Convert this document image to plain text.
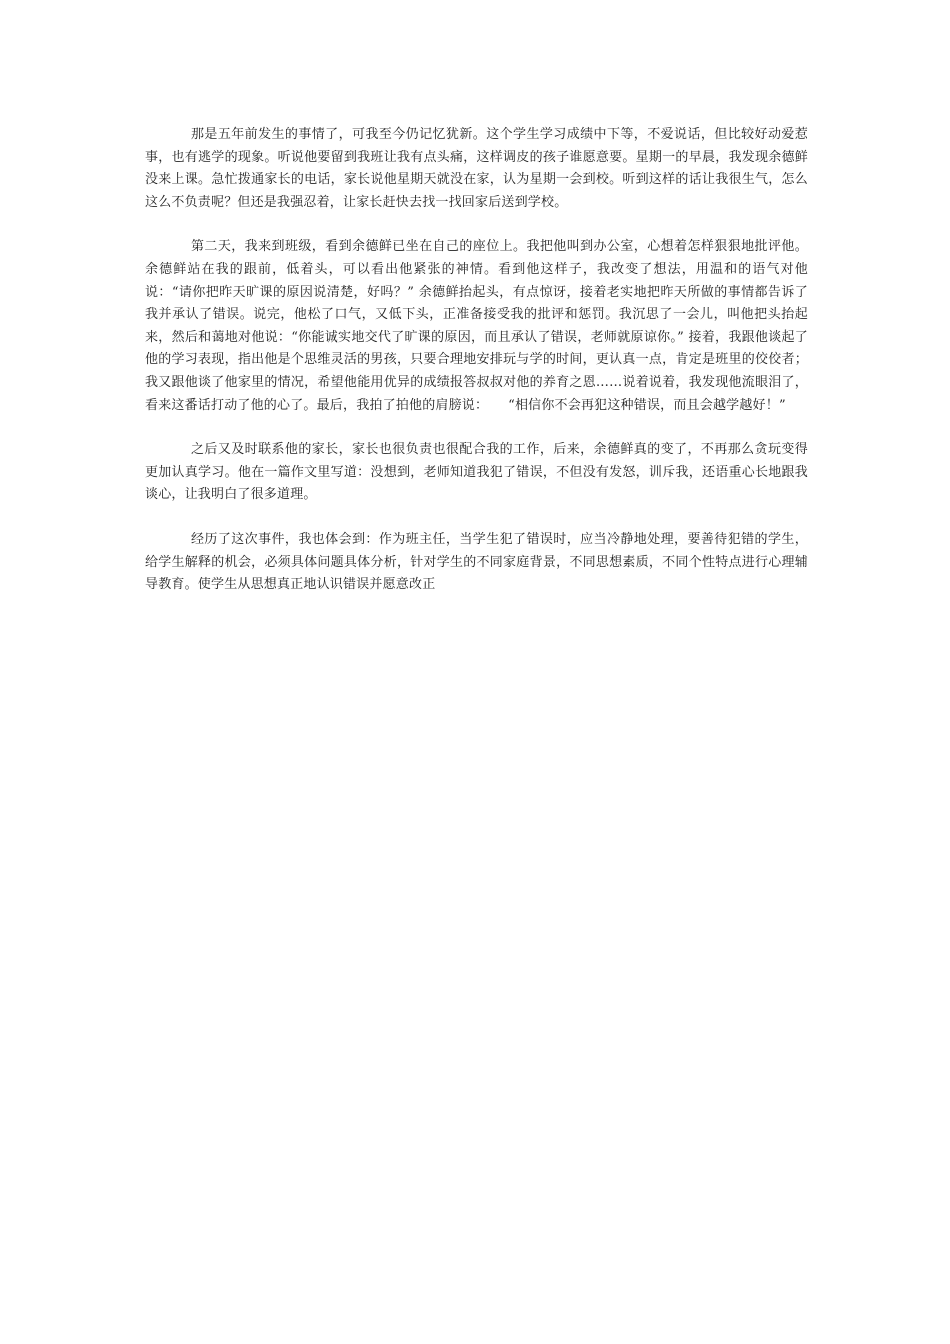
那是五年前发生的事情了，可我至今仍记忆犹新。这个学生学习成绩中下等，不爱说话，但比较好动爱惹事，也有逃学的现象。听说他要留到我班让我有点头痛，这样调皮的孩子谁愿意要。星期一的早晨，我发现余德鲜没来上课。急忙拨通家长的电话，家长说他星期天就没在家，认为星期一会到校。听到这样的话让我很生气，怎么这么不负责呢？但还是我强忍着，让家长赶快去找一找回家后送到学校。

第二天，我来到班级，看到余德鲜已坐在自己的座位上。我把他叫到办公室，心想着怎样狠狠地批评他。余德鲜站在我的跟前，低着头，可以看出他紧张的神情。看到他这样子，我改变了想法，用温和的语气对他说：“请你把昨天旷课的原因说清楚，好吗？” 余德鲜抬起头，有点惊讶，接着老实地把昨天所做的事情都告诉了我并承认了错误。说完，他松了口气，又低下头，正准备接受我的批评和惩罚。我沉思了一会儿，叫他把头抬起来，然后和蔼地对他说：“你能诚实地交代了旷课的原因，而且承认了错误，老师就原谅你。” 接着，我跟他谈起了他的学习表现，指出他是个思维灵活的男孩，只要合理地安排玩与学的时间，更认真一点，肯定是班里的佼佼者；我又跟他谈了他家里的情况，希望他能用优异的成绩报答叔叔对他的养育之恩……说着说着，我发现他流眼泪了，看来这番话打动了他的心了。最后，我拍了拍他的肩膀说：　　“相信你不会再犯这种错误，而且会越学越好！”

之后又及时联系他的家长，家长也很负责也很配合我的工作，后来，余德鲜真的变了，不再那么贪玩变得更加认真学习。他在一篇作文里写道：没想到，老师知道我犯了错误，不但没有发怒，训斥我，还语重心长地跟我谈心，让我明白了很多道理。

经历了这次事件，我也体会到：作为班主任，当学生犯了错误时，应当冷静地处理，要善待犯错的学生，给学生解释的机会，必须具体问题具体分析，针对学生的不同家庭背景，不同思想素质，不同个性特点进行心理辅导教育。使学生从思想真正地认识错误并愿意改正
